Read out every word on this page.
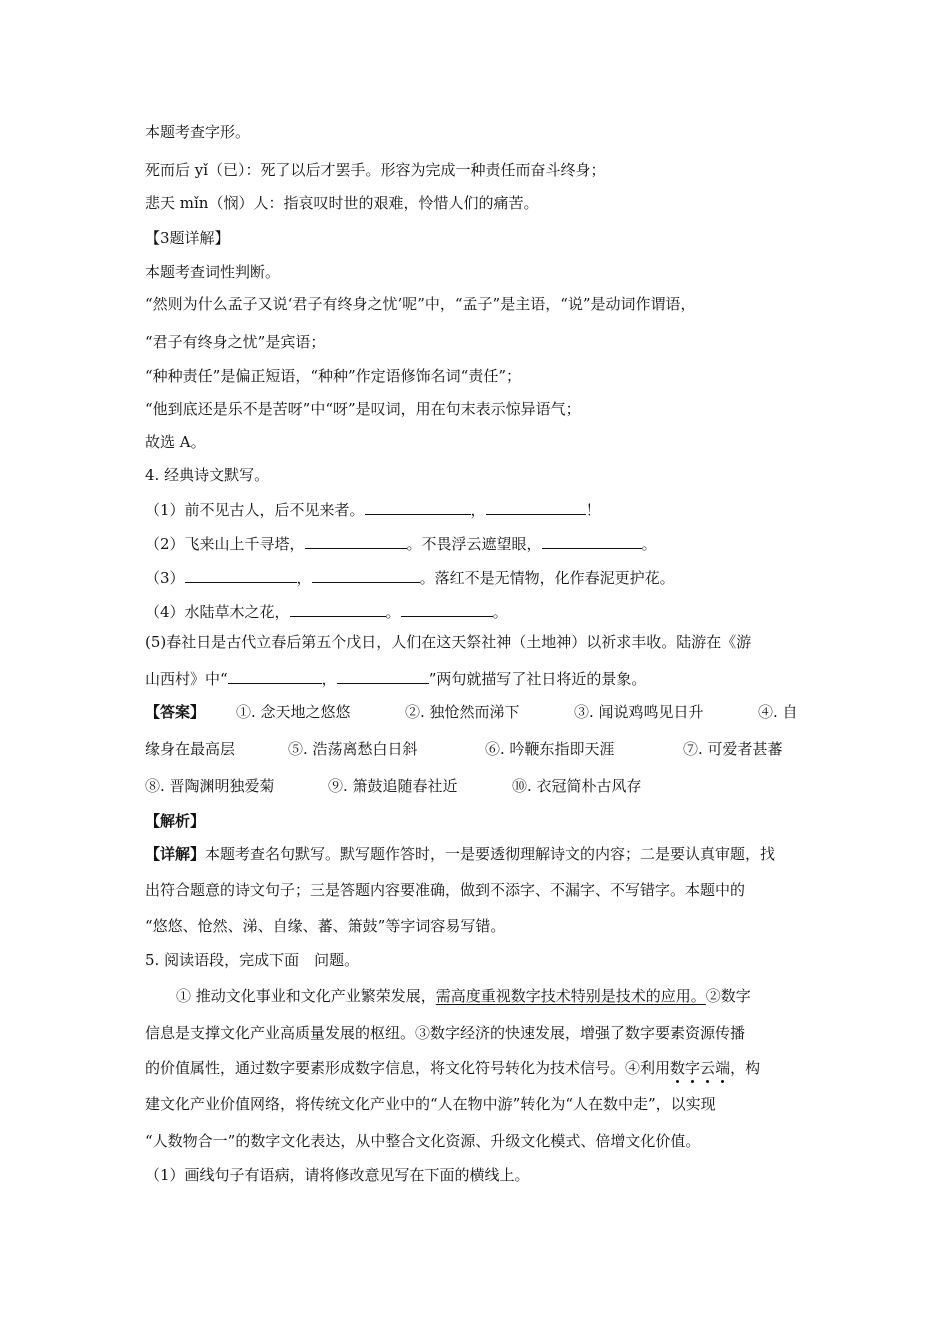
本题考查字形。
死而后 yǐ（已）：死了以后才罢手。形容为完成一种责任而奋斗终身；
悲天 mǐn（悯）人：指哀叹时世的艰难，怜惜人们的痛苦。
【3题详解】
本题考查词性判断。
“然则为什么孟子又说‘君子有终身之忧’呢”中，“孟子”是主语，“说”是动词作谓语，
“君子有终身之忧”是宾语；
“种种责任”是偏正短语，“种种”作定语修饰名词“责任”；
“他到底还是乐不是苦呀”中“呀”是叹词，用在句末表示惊异语气；
故选 A。
4. 经典诗文默写。
（1）前不见古人，后不见来者。	，	！
（2）飞来山上千寻塔，	。不畏浮云遮望眼，	。
（3）	，	。落红不是无情物，化作春泥更护花。
（4）水陆草木之花，	。	。
(5)春社日是古代立春后第五个戊日，人们在这天祭社神（土地神）以祈求丰收。陆游在《游
山西村》中“	，	”两句就描写了社日将近的景象。
【答案】 ①. 念天地之悠悠	②. 独怆然而涕下	③. 闻说鸡鸣见日升	④. 自
缘身在最高层	⑤. 浩荡离愁白日斜	⑥. 吟鞭东指即天涯	⑦. 可爱者甚蕃
⑧. 晋陶渊明独爱菊	⑨. 箫鼓追随春社近	⑩. 衣冠简朴古风存
【解析】
【详解】本题考查名句默写。默写题作答时，一是要透彻理解诗文的内容；二是要认真审题，找
出符合题意的诗文句子；三是答题内容要准确，做到不添字、不漏字、不写错字。本题中的
“悠悠、怆然、涕、自缘、蕃、箫鼓”等字词容易写错。
5. 阅读语段，完成下面　问题。
① 推动文化事业和文化产业繁荣发展，需高度重视数字技术特别是技术的应用。②数字
信息是支撑文化产业高质量发展的枢纽。③数字经济的快速发展，增强了数字要素资源传播
的价值属性，通过数字要素形成数字信息，将文化符号转化为技术信号。④利用数字云端，构
建文化产业价值网络，将传统文化产业中的“人在物中游”转化为“人在数中走”，以实现
“人数物合一”的数字文化表达，从中整合文化资源、升级文化模式、倍增文化价值。
（1）画线句子有语病，请将修改意见写在下面的横线上。
